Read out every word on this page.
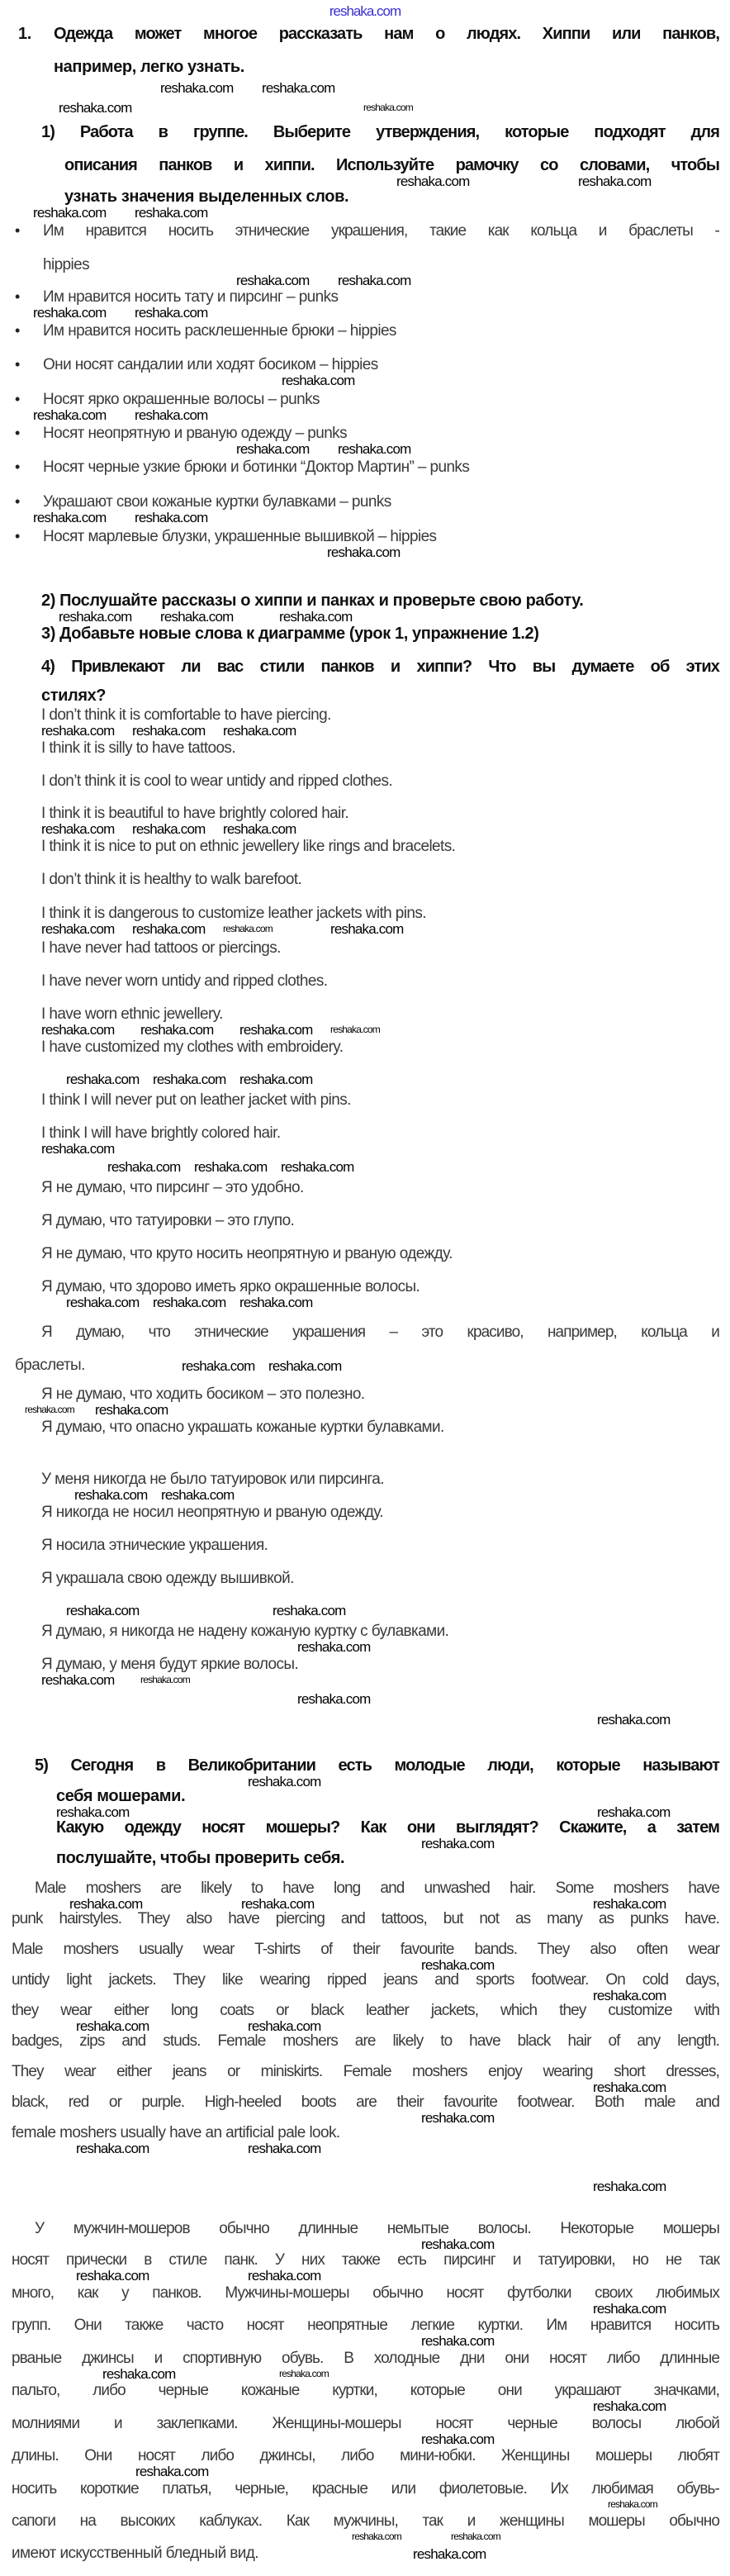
reshaka.com
1. Одежда может многое рассказать нам о людях. Хиппи или панков,
например, легко узнать.
1) Работа в группе. Выберите утверждения, которые подходят для
описания панков и хиппи. Используйте рамочку со словами, чтобы
узнать значения выделенных слов.
• Им нравится носить этнические украшения, такие как кольца и браслеты -
hippies
• Им нравится носить тату и пирсинг – punks
• Им нравится носить расклешенные брюки – hippies
• Они носят сандалии или ходят босиком – hippies
• Носят ярко окрашенные волосы – punks
• Носят неопрятную и рваную одежду – punks
• Носят черные узкие брюки и ботинки “Доктор Мартин” – punks
• Украшают свои кожаные куртки булавками – punks
• Носят марлевые блузки, украшенные вышивкой – hippies
2) Послушайте рассказы о хиппи и панках и проверьте свою работу.
3) Добавьте новые слова к диаграмме (урок 1, упражнение 1.2)
4) Привлекают ли вас стили панков и хиппи? Что вы думаете об этих
стилях?
I don’t think it is comfortable to have piercing.
I think it is silly to have tattoos.
I don’t think it is cool to wear untidy and ripped clothes.
I think it is beautiful to have brightly colored hair.
I think it is nice to put on ethnic jewellery like rings and bracelets.
I don’t think it is healthy to walk barefoot.
I think it is dangerous to customize leather jackets with pins.
I have never had tattoos or piercings.
I have never worn untidy and ripped clothes.
I have worn ethnic jewellery.
I have customized my clothes with embroidery.
I think I will never put on leather jacket with pins.
I think I will have brightly colored hair.
Я не думаю, что пирсинг – это удобно.
Я думаю, что татуировки – это глупо.
Я не думаю, что круто носить неопрятную и рваную одежду.
Я думаю, что здорово иметь ярко окрашенные волосы.
Я думаю, что этнические украшения – это красиво, например, кольца и
браслеты.
Я не думаю, что ходить босиком – это полезно.
Я думаю, что опасно украшать кожаные куртки булавками.
У меня никогда не было татуировок или пирсинга.
Я никогда не носил неопрятную и рваную одежду.
Я носила этнические украшения.
Я украшала свою одежду вышивкой.
Я думаю, я никогда не надену кожаную куртку с булавками.
Я думаю, у меня будут яркие волосы.
5) Сегодня в Великобритании есть молодые люди, которые называют
себя мошерами.
Какую одежду носят мошеры? Как они выглядят? Скажите, а затем
послушайте, чтобы проверить себя.
Male moshers are likely to have long and unwashed hair. Some moshers have
punk hairstyles. They also have piercing and tattoos, but not as many as punks have.
Male moshers usually wear T-shirts of their favourite bands. They also often wear
untidy light jackets. They like wearing ripped jeans and sports footwear. On cold days,
they wear either long coats or black leather jackets, which they customize with
badges, zips and studs. Female moshers are likely to have black hair of any length.
They wear either jeans or miniskirts. Female moshers enjoy wearing short dresses,
black, red or purple. High-heeled boots are their favourite footwear. Both male and
female moshers usually have an artificial pale look.
У мужчин-мошеров обычно длинные немытые волосы. Некоторые мошеры
носят прически в стиле панк. У них также есть пирсинг и татуировки, но не так
много, как у панков. Мужчины-мошеры обычно носят футболки своих любимых
групп. Они также часто носят неопрятные легкие куртки. Им нравится носить
рваные джинсы и спортивную обувь. В холодные дни они носят либо длинные
пальто, либо черные кожаные куртки, которые они украшают значками,
молниями и заклепками. Женщины-мошеры носят черные волосы любой
длины. Они носят либо джинсы, либо мини-юбки. Женщины мошеры любят
носить короткие платья, черные, красные или фиолетовые. Их любимая обувь-
сапоги на высоких каблуках. Как мужчины, так и женщины мошеры обычно
имеют искусственный бледный вид.
reshaka.com reshaka.com
reshaka.com	reshaka.com
reshaka.com	reshaka.com
reshaka.com reshaka.com
reshaka.com reshaka.com
reshaka.com reshaka.com
reshaka.com
reshaka.com reshaka.com
reshaka.com reshaka.com
reshaka.com reshaka.com
reshaka.com
reshaka.com reshaka.com	reshaka.com
reshaka.com reshaka.com reshaka.com
reshaka.com reshaka.com reshaka.com
reshaka.com reshaka.com reshaka.com	reshaka.com
reshaka.com reshaka.com reshaka.com reshaka.com
reshaka.com reshaka.com reshaka.com
reshaka.com
reshaka.com reshaka.com reshaka.com
reshaka.com reshaka.com reshaka.com
reshaka.com reshaka.com
reshaka.com reshaka.com
reshaka.com reshaka.com
reshaka.com	reshaka.com
reshaka.com
reshaka.com
reshaka.com
reshaka.com
reshaka.com
reshaka.com
reshaka.com	reshaka.com
reshaka.com
reshaka.com	reshaka.com	reshaka.com
reshaka.com
reshaka.com
reshaka.com	reshaka.com
reshaka.com
reshaka.com
reshaka.com	reshaka.com
reshaka.com
reshaka.com
reshaka.com	reshaka.com
reshaka.com
reshaka.com
reshaka.com	reshaka.com
reshaka.com
reshaka.com
reshaka.com
reshaka.com
reshaka.com	reshaka.com
reshaka.com
